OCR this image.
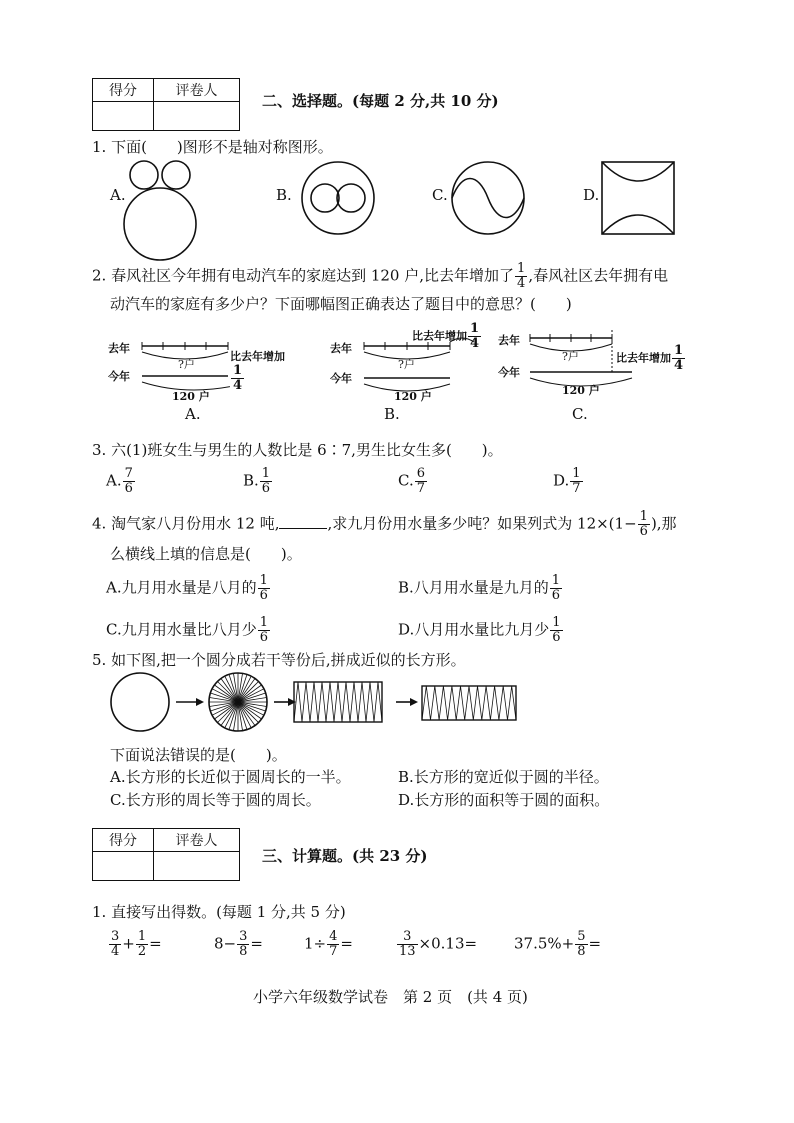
得分	评卷人

二、选择题。(每题 2 分,共 10 分)
1. 下面(　　)图形不是轴对称图形。
A.	B.	C.	D.
2. 春风社区今年拥有电动汽车的家庭达到 120 户,比去年增加了 $\frac{1}{4}$ ,春风社区去年拥有电
动汽车的家庭有多少户？下面哪幅图正确表达了题目中的意思？(　　)
去年
今年
?户
120 户
比去年增加
$\frac{1}{4}$
A.
去年
今年
?户
120 户
比去年增加 $\frac{1}{4}$
B.
去年
今年
?户
120 户
比去年增加 $\frac{1}{4}$
C.
3. 六(1)班女生与男生的人数比是 6∶7,男生比女生多(　　)。
A. $\frac{7}{6}$	B. $\frac{1}{6}$	C. $\frac{6}{7}$	D. $\frac{1}{7}$
4. 淘气家八月份用水 12 吨,	,求九月份用水量多少吨？如果列式为 $12\times(1- \frac{1}{6}$ ),那
么横线上填的信息是(　　)。
A.九月用水量是八月的 $\frac{1}{6}$	B.八月用水量是九月的 $\frac{1}{6}$
C.九月用水量比八月少 $\frac{1}{6}$	D.八月用水量比九月少 $\frac{1}{6}$
5. 如下图,把一个圆分成若干等份后,拼成近似的长方形。
下面说法错误的是(　　)。
A.长方形的长近似于圆周长的一半。	B.长方形的宽近似于圆的半径。
C.长方形的周长等于圆的周长。	D.长方形的面积等于圆的面积。
得分	评卷人

三、计算题。(共 23 分)
1. 直接写出得数。(每题 1 分,共 5 分)
$\frac{3}{4} + \frac{1}{2}$ =	$8- \frac{3}{8}$ =	$1\div \frac{4}{7}$ =	$\frac{3}{13} \times 0.13= 37.5\%+ \frac{5}{8}$ =
小学六年级数学试卷　第 2 页　(共 4 页)
